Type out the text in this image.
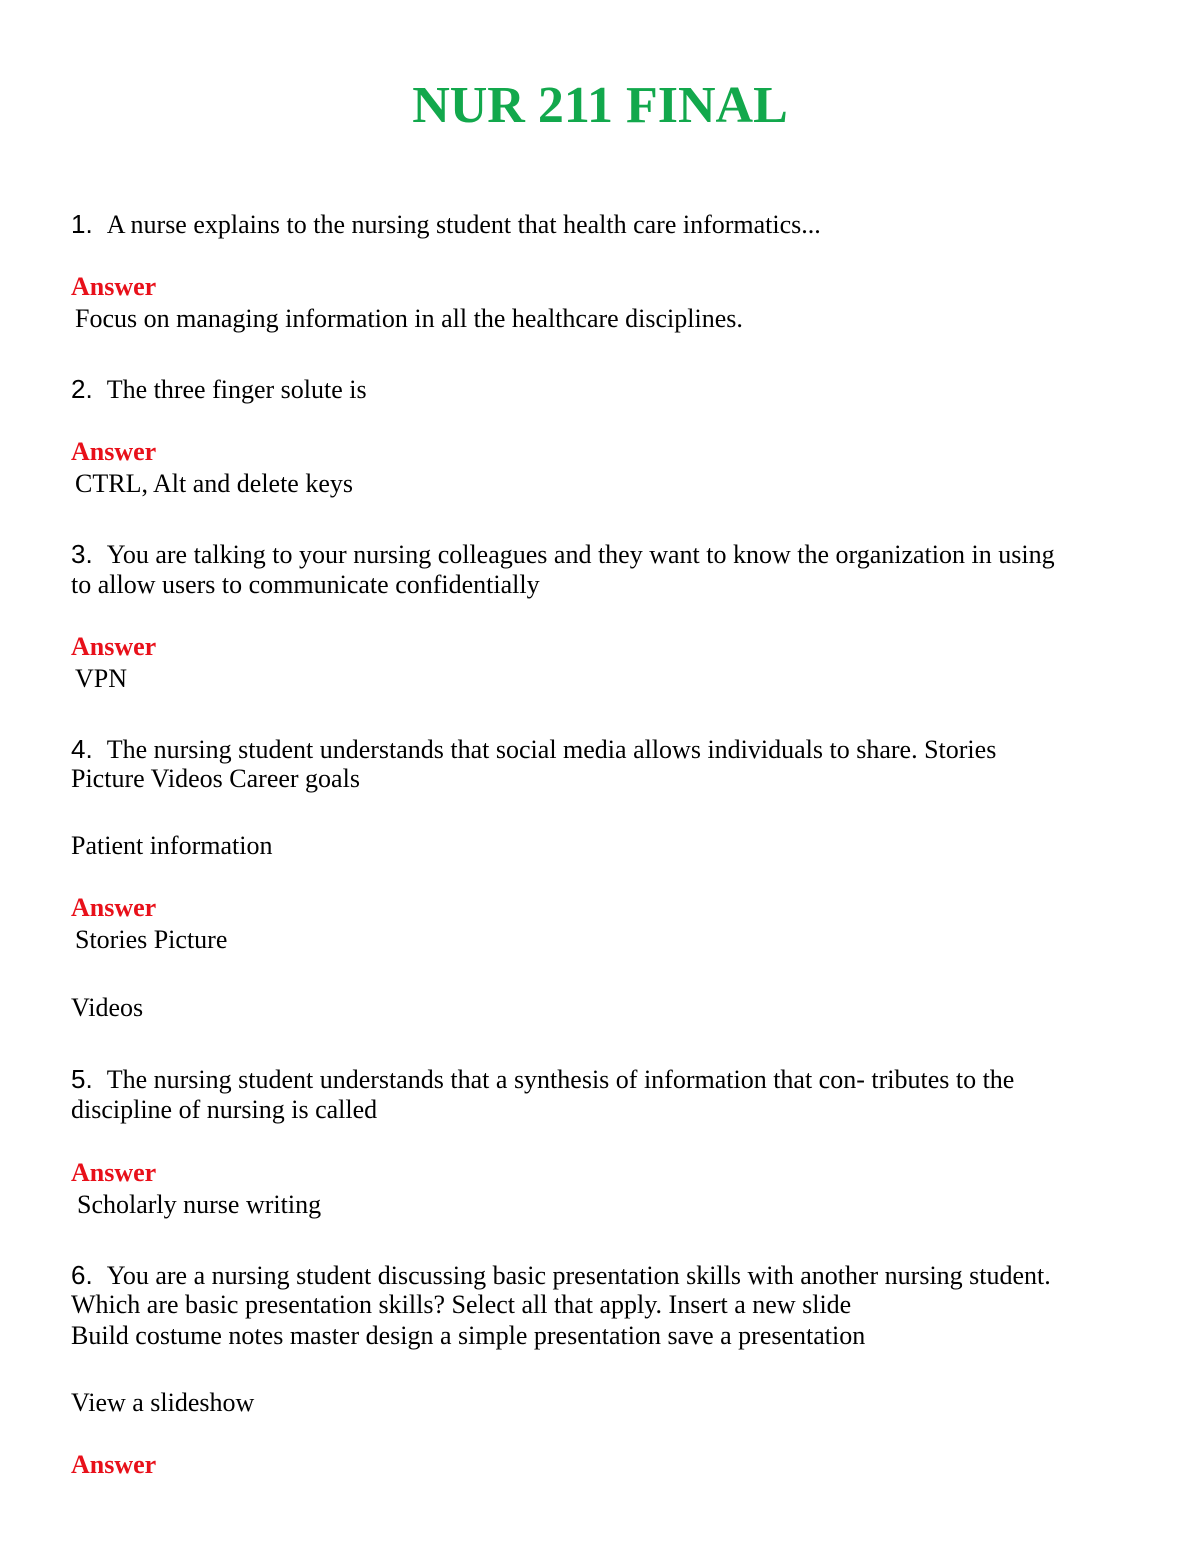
NUR 211 FINAL
1. A nurse explains to the nursing student that health care informatics...
Answer
Focus on managing information in all the healthcare disciplines.
2. The three finger solute is
Answer
CTRL, Alt and delete keys
3. You are talking to your nursing colleagues and they want to know the organization in using
to allow users to communicate confidentially
Answer
VPN
4. The nursing student understands that social media allows individuals to share. Stories
Picture Videos Career goals
Patient information
Answer
Stories Picture
Videos
5. The nursing student understands that a synthesis of information that con- tributes to the
discipline of nursing is called
Answer
Scholarly nurse writing
6. You are a nursing student discussing basic presentation skills with another nursing student.
Which are basic presentation skills? Select all that apply. Insert a new slide
Build costume notes master design a simple presentation save a presentation
View a slideshow
Answer
